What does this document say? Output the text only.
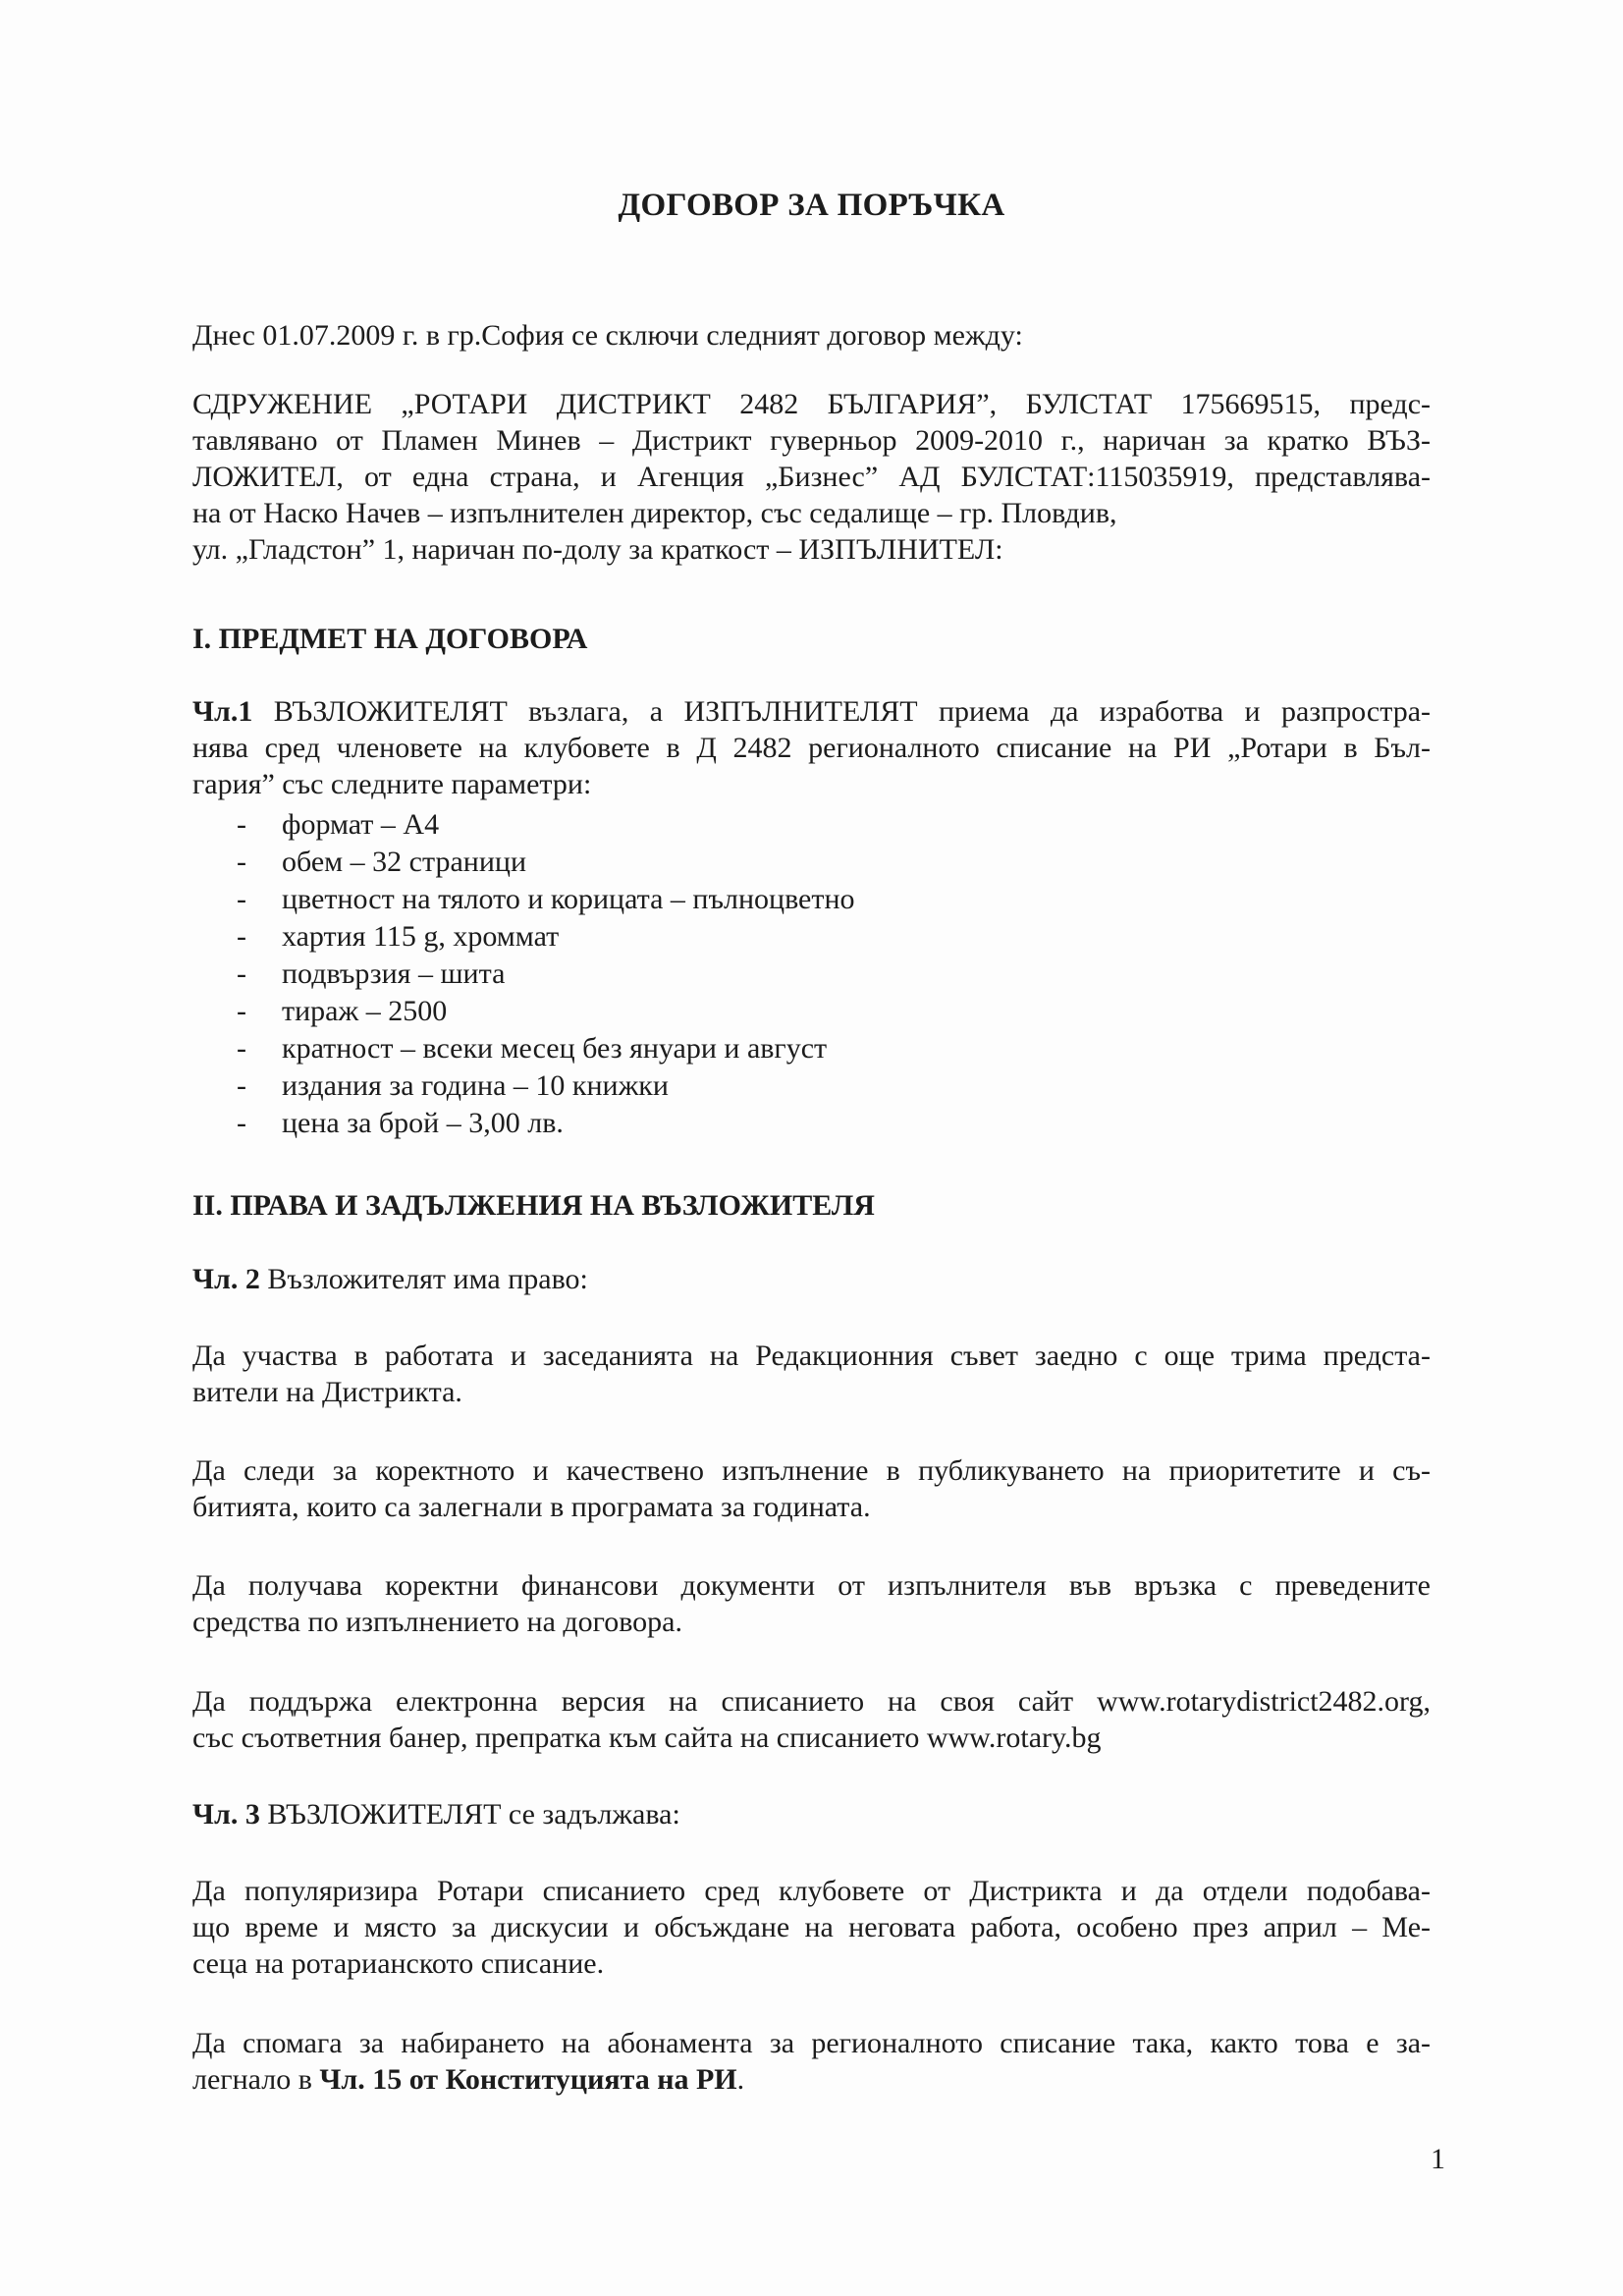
ДОГОВОР ЗА ПОРЪЧКА

Днес 01.07.2009 г. в гр.София се сключи следният договор между:

СДРУЖЕНИЕ „РОТАРИ ДИСТРИКТ 2482 БЪЛГАРИЯ”, БУЛСТАТ 175669515, предс-
тавлявано от Пламен Минев – Дистрикт гуверньор 2009-2010 г., наричан за кратко ВЪЗ-
ЛОЖИТЕЛ, от една страна, и Агенция „Бизнес” АД БУЛСТАТ:115035919, представлява-
на от Наско Начев – изпълнителен директор, със седалище – гр. Пловдив,
ул. „Гладстон” 1, наричан по-долу за краткост – ИЗПЪЛНИТЕЛ:
I. ПРЕДМЕТ НА ДОГОВОРА
Чл.1 ВЪЗЛОЖИТЕЛЯТ възлага, а ИЗПЪЛНИТЕЛЯТ приема да изработва и разпростра-
нява сред членовете на клубовете в Д 2482 регионалното списание на РИ „Ротари в Бъл-
гария” със следните параметри:
- формат – А4
- обем – 32 страници
- цветност на тялото и корицата – пълноцветно
- хартия 115 g, хроммат
- подвързия – шита
- тираж – 2500
- кратност – всеки месец без януари и август
- издания за година – 10 книжки
- цена за брой – 3,00 лв.
II. ПРАВА И ЗАДЪЛЖЕНИЯ НА ВЪЗЛОЖИТЕЛЯ

Чл. 2 Възложителят има право:

Да участва в работата и заседанията на Редакционния съвет заедно с още трима предста-
вители на Дистрикта.
Да следи за коректното и качествено изпълнение в публикуването на приоритетите и съ-
битията, които са залегнали в програмата за годината.
Да получава коректни финансови документи от изпълнителя във връзка с преведените
средства по изпълнението на договора.
Да поддържа електронна версия на списанието на своя сайт www.rotarydistrict2482.org,
със съответния банер, препратка към сайта на списанието www.rotary.bg

Чл. 3 ВЪЗЛОЖИТЕЛЯТ се задължава:

Да популяризира Ротари списанието сред клубовете от Дистрикта и да отдели подобава-
що време и място за дискусии и обсъждане на неговата работа, особено през април – Ме-
сеца на ротарианското списание.
Да спомага за набирането на абонамента за регионалното списание така, както това е за-
легнало в Чл. 15 от Конституцията на РИ.
1
